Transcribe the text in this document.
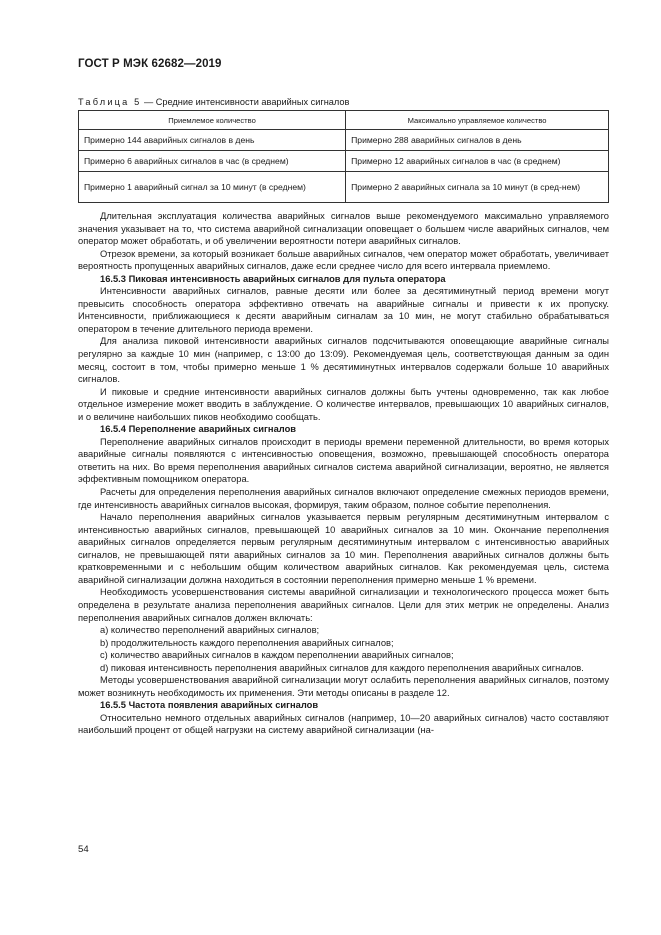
ГОСТ Р МЭК 62682—2019
Таблица 5 — Средние интенсивности аварийных сигналов
Приемлемое количество	Максимально управляемое количество
Примерно 144 аварийных сигналов в день	Примерно 288 аварийных сигналов в день
Примерно 6 аварийных сигналов в час (в среднем)	Примерно 12 аварийных сигналов в час (в среднем)
Примерно 1 аварийный сигнал за 10 минут (в среднем)	Примерно 2 аварийных сигнала за 10 минут (в сред-нем)

Длительная эксплуатация количества аварийных сигналов выше рекомендуемого максимально управляемого значения указывает на то, что система аварийной сигнализации оповещает о большем числе аварийных сигналов, чем оператор может обработать, и об увеличении вероятности потери аварийных сигналов.

Отрезок времени, за который возникает больше аварийных сигналов, чем оператор может обработать, увеличивает вероятность пропущенных аварийных сигналов, даже если среднее число для всего интервала приемлемо.

16.5.3 Пиковая интенсивность аварийных сигналов для пульта оператора

Интенсивности аварийных сигналов, равные десяти или более за десятиминутный период времени могут превысить способность оператора эффективно отвечать на аварийные сигналы и привести к их пропуску. Интенсивности, приближающиеся к десяти аварийным сигналам за 10 мин, не могут стабильно обрабатываться оператором в течение длительного периода времени.

Для анализа пиковой интенсивности аварийных сигналов подсчитываются оповещающие аварийные сигналы регулярно за каждые 10 мин (например, с 13:00 до 13:09). Рекомендуемая цель, соответствующая данным за один месяц, состоит в том, чтобы примерно меньше 1 % десятиминутных интервалов содержали больше 10 аварийных сигналов.

И пиковые и средние интенсивности аварийных сигналов должны быть учтены одновременно, так как любое отдельное измерение может вводить в заблуждение. О количестве интервалов, превышающих 10 аварийных сигналов, и о величине наибольших пиков необходимо сообщать.

16.5.4 Переполнение аварийных сигналов

Переполнение аварийных сигналов происходит в периоды времени переменной длительности, во время которых аварийные сигналы появляются с интенсивностью оповещения, возможно, превышающей способность оператора ответить на них. Во время переполнения аварийных сигналов система аварийной сигнализации, вероятно, не является эффективным помощником оператора.

Расчеты для определения переполнения аварийных сигналов включают определение смежных периодов времени, где интенсивность аварийных сигналов высокая, формируя, таким образом, полное событие переполнения.

Начало переполнения аварийных сигналов указывается первым регулярным десятиминутным интервалом с интенсивностью аварийных сигналов, превышающей 10 аварийных сигналов за 10 мин. Окончание переполнения аварийных сигналов определяется первым регулярным десятиминутным интервалом с интенсивностью аварийных сигналов, не превышающей пяти аварийных сигналов за 10 мин. Переполнения аварийных сигналов должны быть кратковременными и с небольшим общим количеством аварийных сигналов. Как рекомендуемая цель, система аварийной сигнализации должна находиться в состоянии переполнения примерно меньше 1 % времени.

Необходимость усовершенствования системы аварийной сигнализации и технологического процесса может быть определена в результате анализа переполнения аварийных сигналов. Цели для этих метрик не определены. Анализ переполнения аварийных сигналов должен включать:

a) количество переполнений аварийных сигналов;

b) продолжительность каждого переполнения аварийных сигналов;

c) количество аварийных сигналов в каждом переполнении аварийных сигналов;

d) пиковая интенсивность переполнения аварийных сигналов для каждого переполнения аварийных сигналов.

Методы усовершенствования аварийной сигнализации могут ослабить переполнения аварийных сигналов, поэтому может возникнуть необходимость их применения. Эти методы описаны в разделе 12.

16.5.5 Частота появления аварийных сигналов

Относительно немного отдельных аварийных сигналов (например, 10—20 аварийных сигналов) часто составляют наибольший процент от общей нагрузки на систему аварийной сигнализации (на-

54
